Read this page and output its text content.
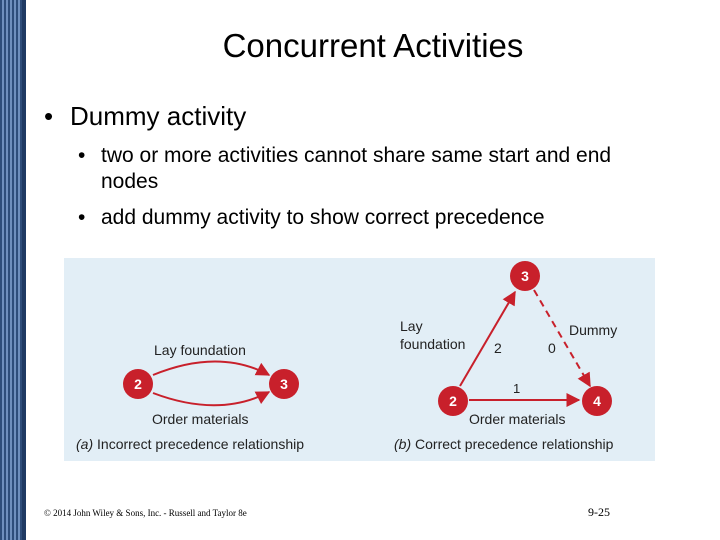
Concurrent Activities
• Dummy activity
• two or more activities cannot share same start and end nodes
• add dummy activity to show correct precedence
2	3
Lay foundation
Order materials
(a) Incorrect precedence relationship
3
2	4
Lay
foundation 2
Dummy
0
1
Order materials
(b) Correct precedence relationship
© 2014 John Wiley & Sons, Inc. - Russell and Taylor 8e	9-25
